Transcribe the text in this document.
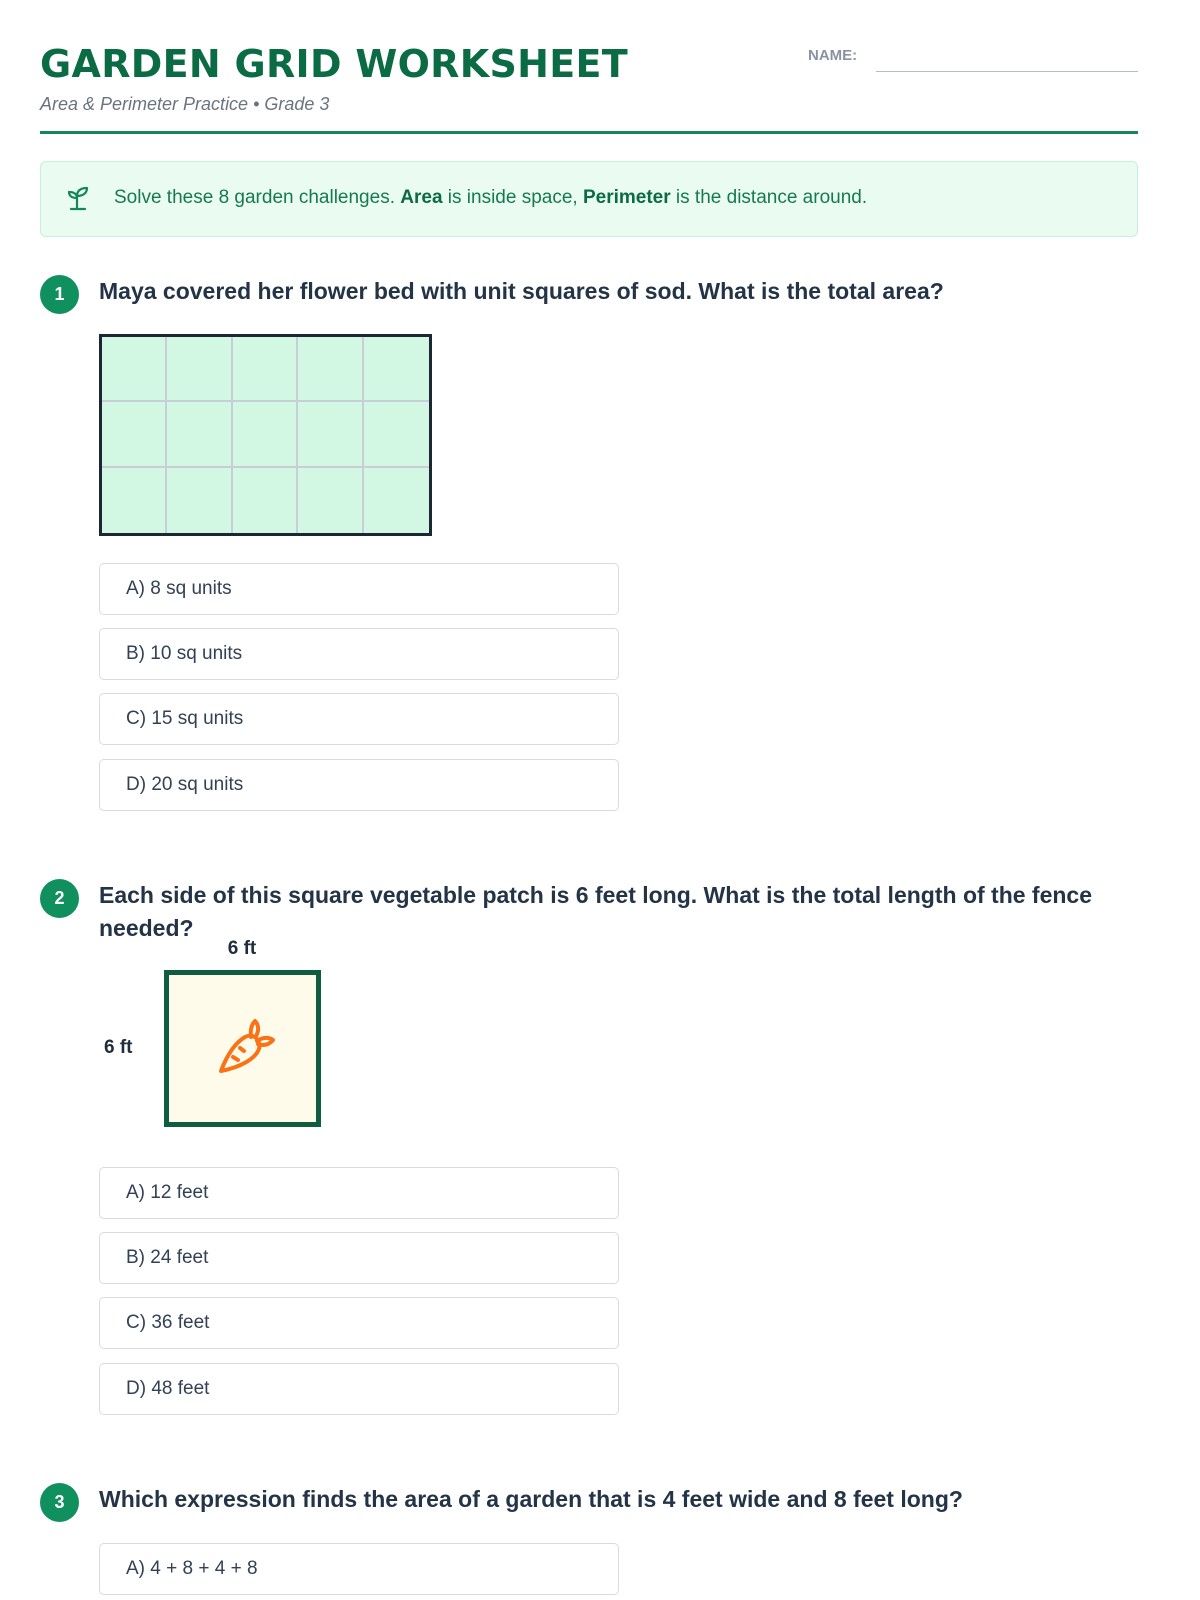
GARDEN GRID WORKSHEET
Area & Perimeter Practice • Grade 3
NAME:
Solve these 8 garden challenges. Area is inside space, Perimeter is the distance around.
1	Maya covered her flower bed with unit squares of sod. What is the total area?
A) 8 sq units
B) 10 sq units
C) 15 sq units
D) 20 sq units
2	Each side of this square vegetable patch is 6 feet long. What is the total length of the fence needed?
6 ft
6 ft
A) 12 feet
B) 24 feet
C) 36 feet
D) 48 feet
3	Which expression finds the area of a garden that is 4 feet wide and 8 feet long?
A) 4 + 8 + 4 + 8
